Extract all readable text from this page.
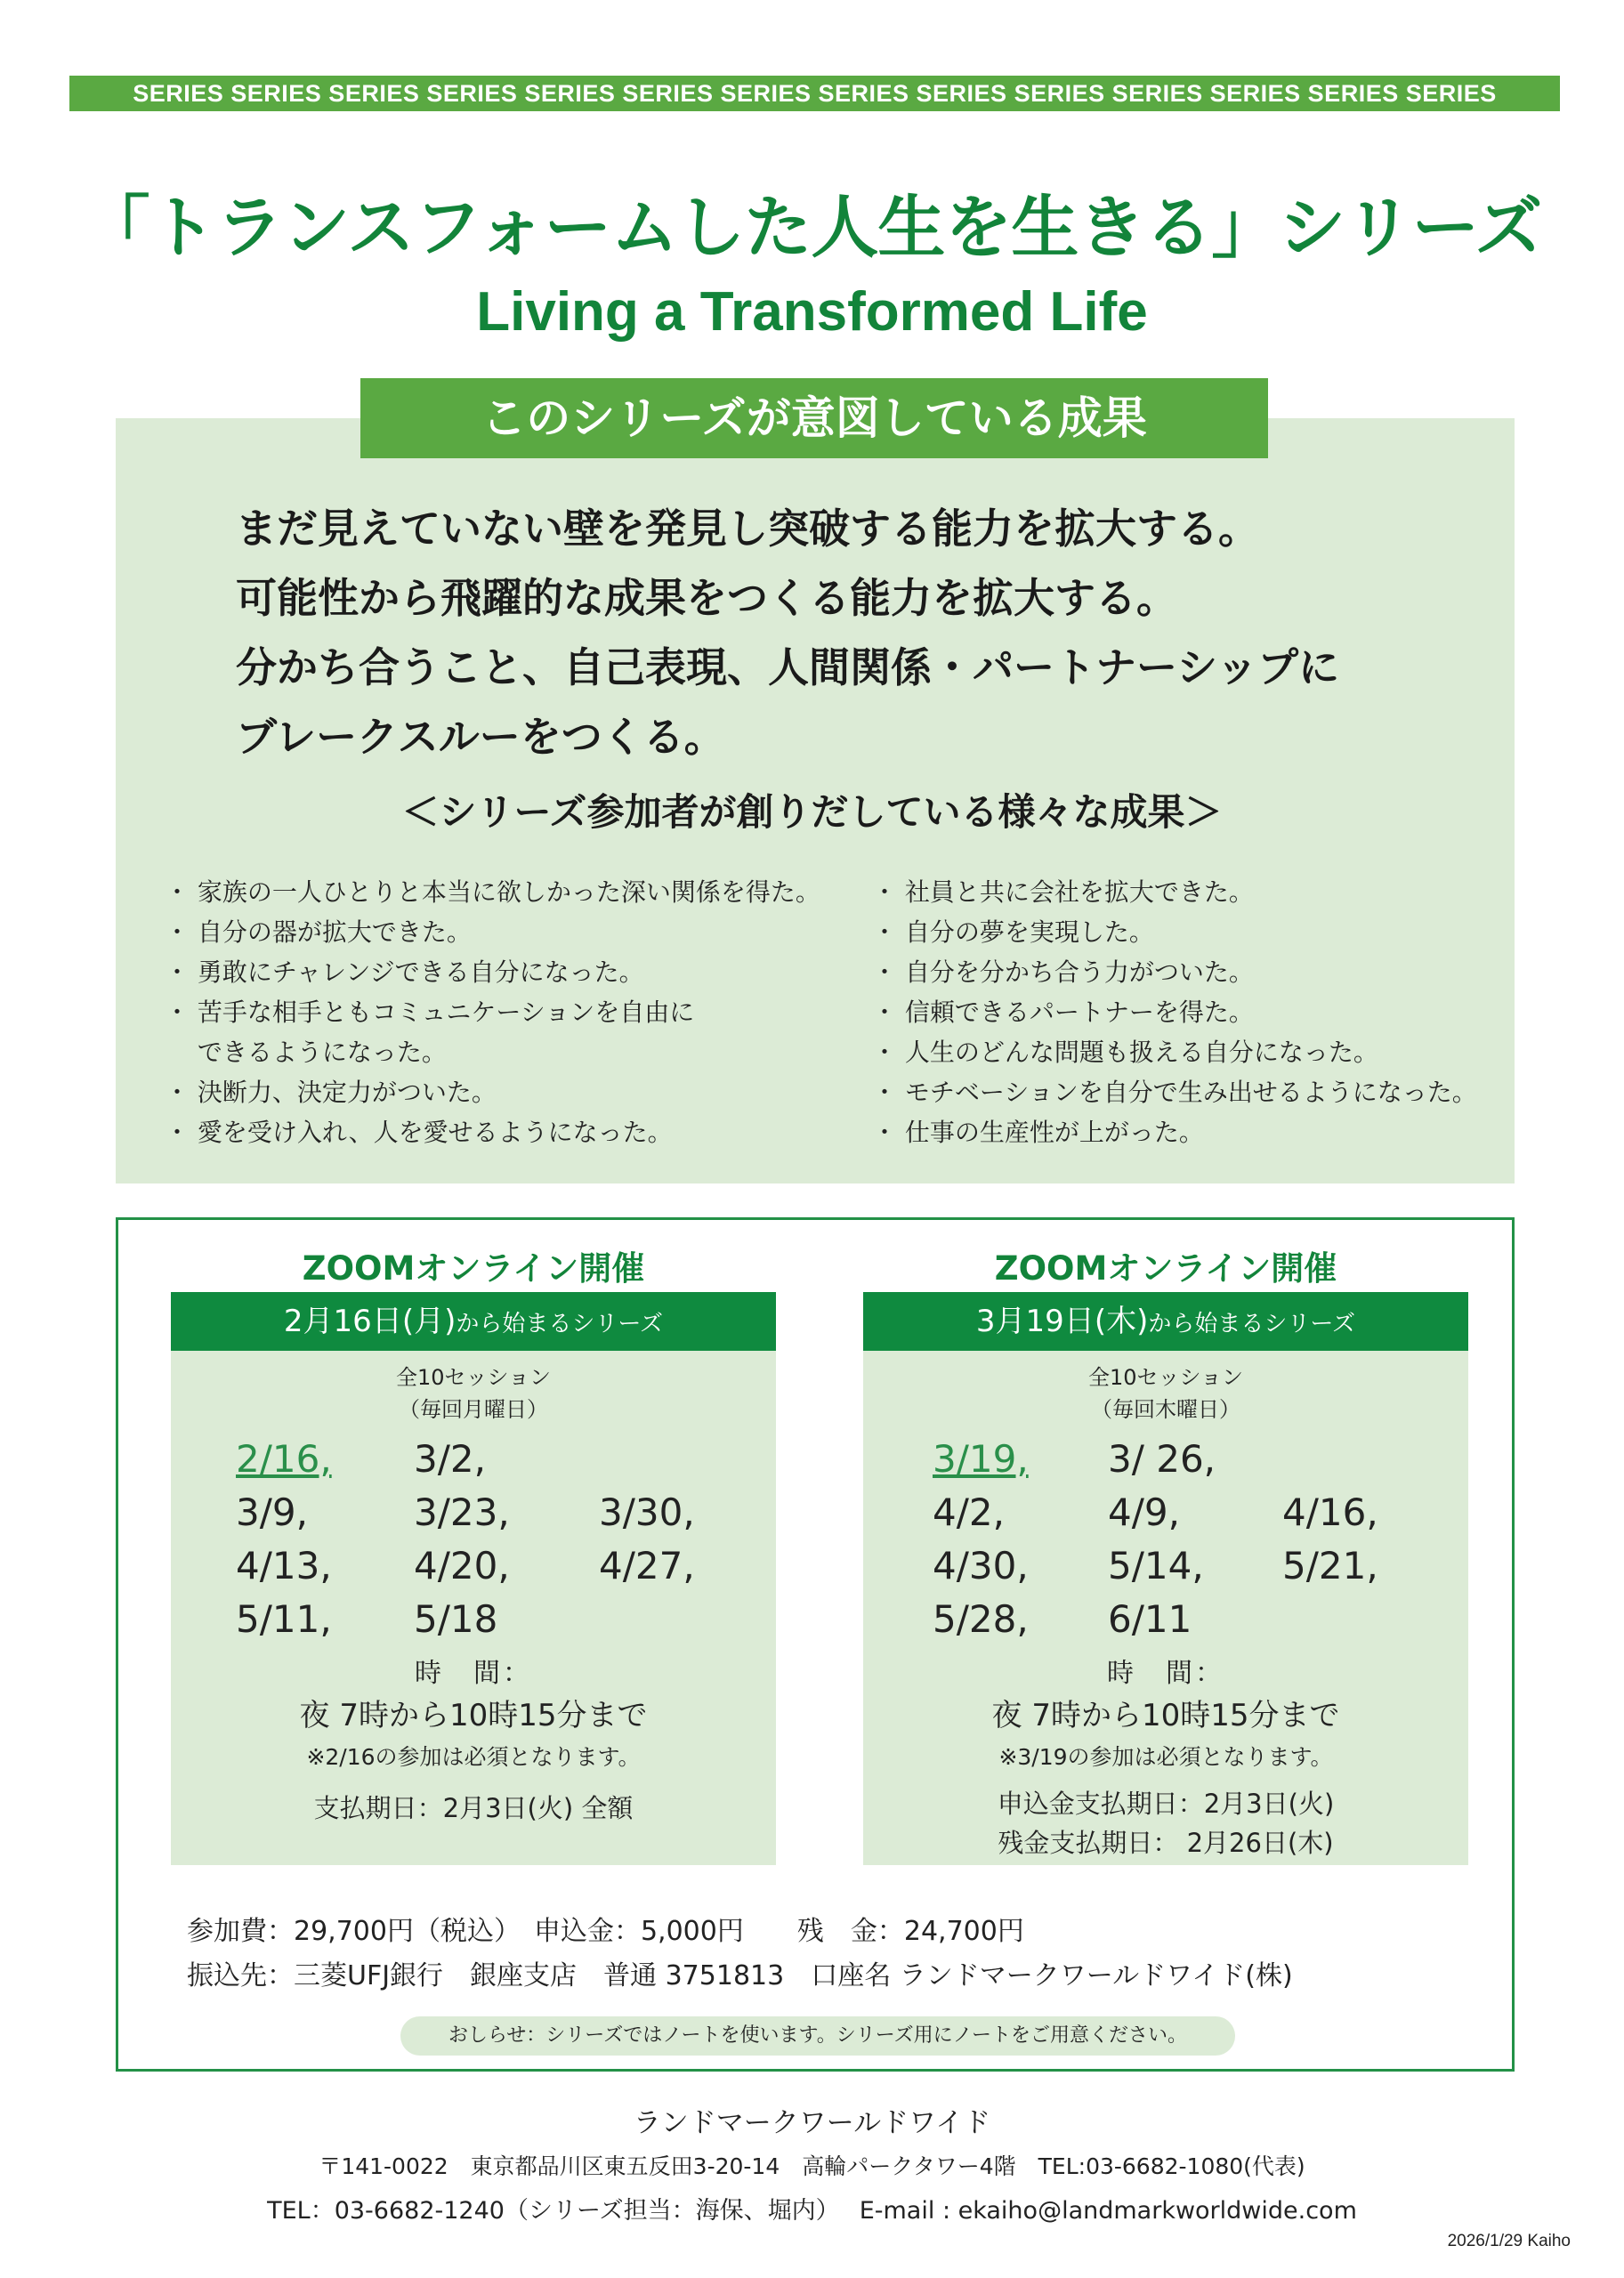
SERIES SERIES SERIES SERIES SERIES SERIES SERIES SERIES SERIES SERIES SERIES SERIES SERIES SERIES
「トランスフォームした人生を生きる」シリーズ
Living a Transformed Life
このシリーズが意図している成果
まだ見えていない壁を発見し突破する能力を拡大する。
可能性から飛躍的な成果をつくる能力を拡大する。
分かち合うこと、自己表現、人間関係・パートナーシップに
ブレークスルーをつくる。
＜シリーズ参加者が創りだしている様々な成果＞
・ 家族の一人ひとりと本当に欲しかった深い関係を得た。
・ 自分の器が拡大できた。
・ 勇敢にチャレンジできる自分になった。
・ 苦手な相手ともコミュニケーションを自由に
　 できるようになった。
・ 決断力、決定力がついた。
・ 愛を受け入れ、人を愛せるようになった。
・ 社員と共に会社を拡大できた。
・ 自分の夢を実現した。
・ 自分を分かち合う力がついた。
・ 信頼できるパートナーを得た。
・ 人生のどんな問題も扱える自分になった。
・ モチベーションを自分で生み出せるようになった。
・ 仕事の生産性が上がった。
ZOOMオンライン開催
2月16日(月)から始まるシリーズ
全10セッション
（毎回月曜日）
2/16, 3/2,
3/9,	3/23, 3/30,
4/13, 4/20, 4/27,
5/11, 5/18
時　間：
夜 7時から10時15分まで
※2/16の参加は必須となります。
支払期日：2月3日(火) 全額
ZOOMオンライン開催
3月19日(木)から始まるシリーズ
全10セッション
（毎回木曜日）
3/19, 3/ 26,
4/2,	4/9,	4/16,
4/30, 5/14, 5/21,
5/28, 6/11
時　間：
夜 7時から10時15分まで
※3/19の参加は必須となります。
申込金支払期日：2月3日(火)
残金支払期日： 2月26日(木)
参加費：29,700円（税込）　申込金：5,000円　　残　金：24,700円
振込先：三菱UFJ銀行　銀座支店　普通 3751813　口座名 ランドマークワールドワイド(株)
おしらせ：シリーズではノートを使います。シリーズ用にノートをご用意ください。
ランドマークワールドワイド
〒141-0022　東京都品川区東五反田3-20-14　高輪パークタワー4階　TEL:03-6682-1080(代表)
TEL：03-6682-1240（シリーズ担当：海保、堀内）　 E-mail : ekaiho@landmarkworldwide.com
2026/1/29 Kaiho
